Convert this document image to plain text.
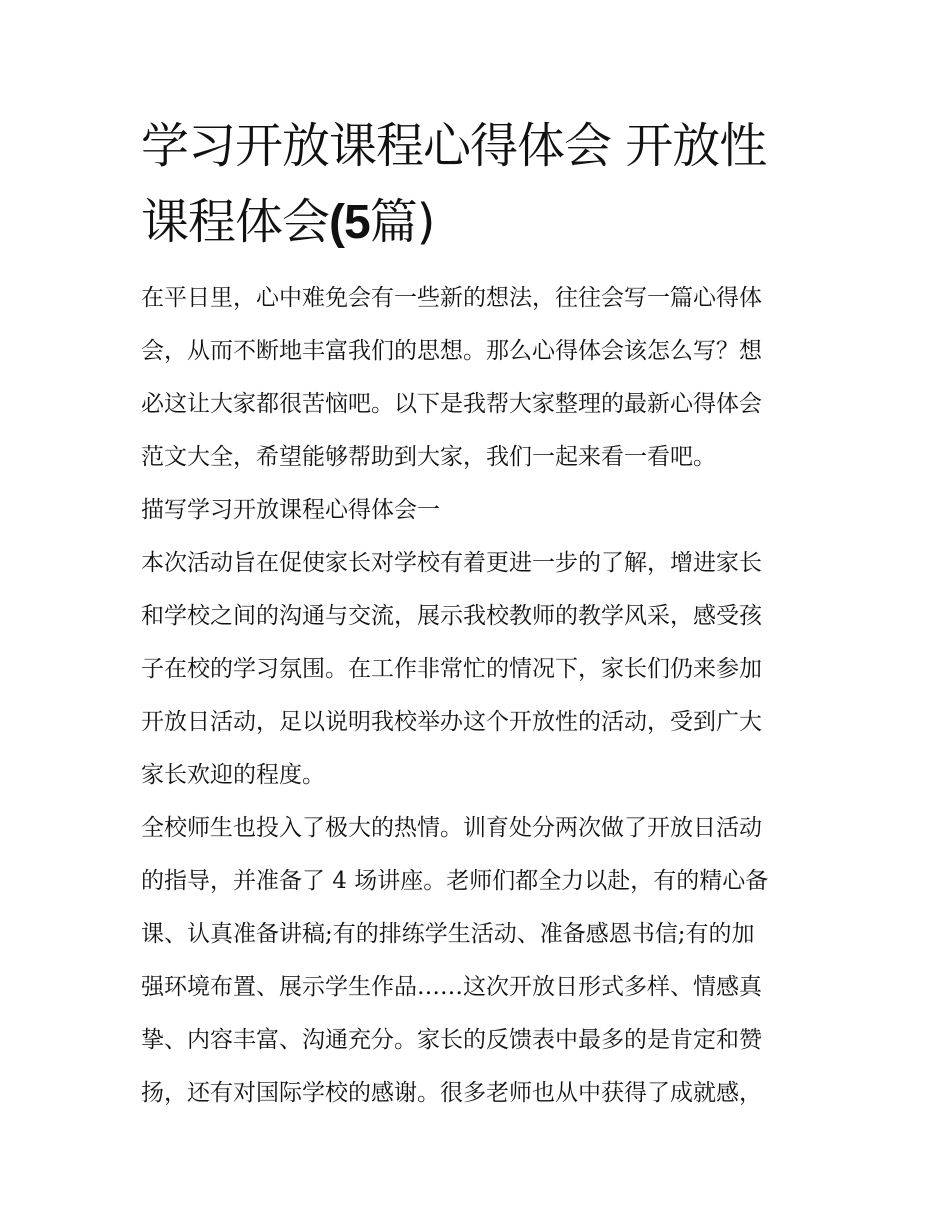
学习开放课程心得体会 开放性
课程体会(5篇)
在平日里，心中难免会有一些新的想法，往往会写一篇心得体
会，从而不断地丰富我们的思想。那么心得体会该怎么写？想
必这让大家都很苦恼吧。以下是我帮大家整理的最新心得体会
范文大全，希望能够帮助到大家，我们一起来看一看吧。
描写学习开放课程心得体会一
本次活动旨在促使家长对学校有着更进一步的了解，增进家长
和学校之间的沟通与交流，展示我校教师的教学风采，感受孩
子在校的学习氛围。在工作非常忙的情况下，家长们仍来参加
开放日活动，足以说明我校举办这个开放性的活动，受到广大
家长欢迎的程度。
全校师生也投入了极大的热情。训育处分两次做了开放日活动
的指导，并准备了 4 场讲座。老师们都全力以赴，有的精心备
课、认真准备讲稿;有的排练学生活动、准备感恩书信;有的加
强环境布置、展示学生作品……这次开放日形式多样、情感真
挚、内容丰富、沟通充分。家长的反馈表中最多的是肯定和赞
扬，还有对国际学校的感谢。很多老师也从中获得了成就感，
